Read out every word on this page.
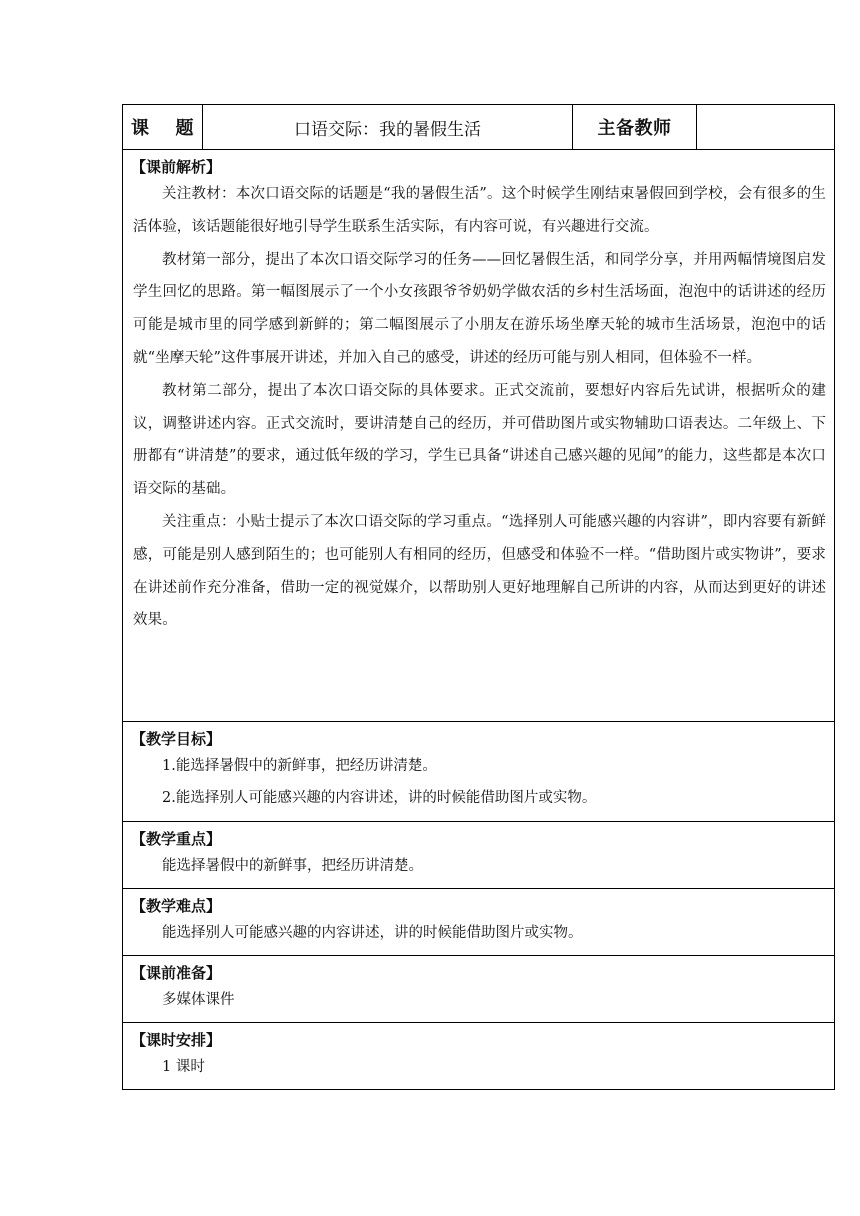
课 题	口语交际：我的暑假生活	主备教师	

【课前解析】

关注教材：本次口语交际的话题是“我的暑假生活”。这个时候学生刚结束暑假回到学校，会有很多的生活体验，该话题能很好地引导学生联系生活实际，有内容可说，有兴趣进行交流。

教材第一部分，提出了本次口语交际学习的任务——回忆暑假生活，和同学分享，并用两幅情境图启发学生回忆的思路。第一幅图展示了一个小女孩跟爷爷奶奶学做农活的乡村生活场面，泡泡中的话讲述的经历可能是城市里的同学感到新鲜的；第二幅图展示了小朋友在游乐场坐摩天轮的城市生活场景，泡泡中的话就“坐摩天轮”这件事展开讲述，并加入自己的感受，讲述的经历可能与别人相同，但体验不一样。

教材第二部分，提出了本次口语交际的具体要求。正式交流前，要想好内容后先试讲，根据听众的建议，调整讲述内容。正式交流时，要讲清楚自己的经历，并可借助图片或实物辅助口语表达。二年级上、下册都有“讲清楚”的要求，通过低年级的学习，学生已具备“讲述自己感兴趣的见闻”的能力，这些都是本次口语交际的基础。

关注重点：小贴士提示了本次口语交际的学习重点。“选择别人可能感兴趣的内容讲”，即内容要有新鲜感，可能是别人感到陌生的；也可能别人有相同的经历，但感受和体验不一样。“借助图片或实物讲”，要求在讲述前作充分准备，借助一定的视觉媒介，以帮助别人更好地理解自己所讲的内容，从而达到更好的讲述效果。

【教学目标】

1.能选择暑假中的新鲜事，把经历讲清楚。

2.能选择别人可能感兴趣的内容讲述，讲的时候能借助图片或实物。

【教学重点】

能选择暑假中的新鲜事，把经历讲清楚。

【教学难点】

能选择别人可能感兴趣的内容讲述，讲的时候能借助图片或实物。

【课前准备】

多媒体课件

【课时安排】

1 课时
